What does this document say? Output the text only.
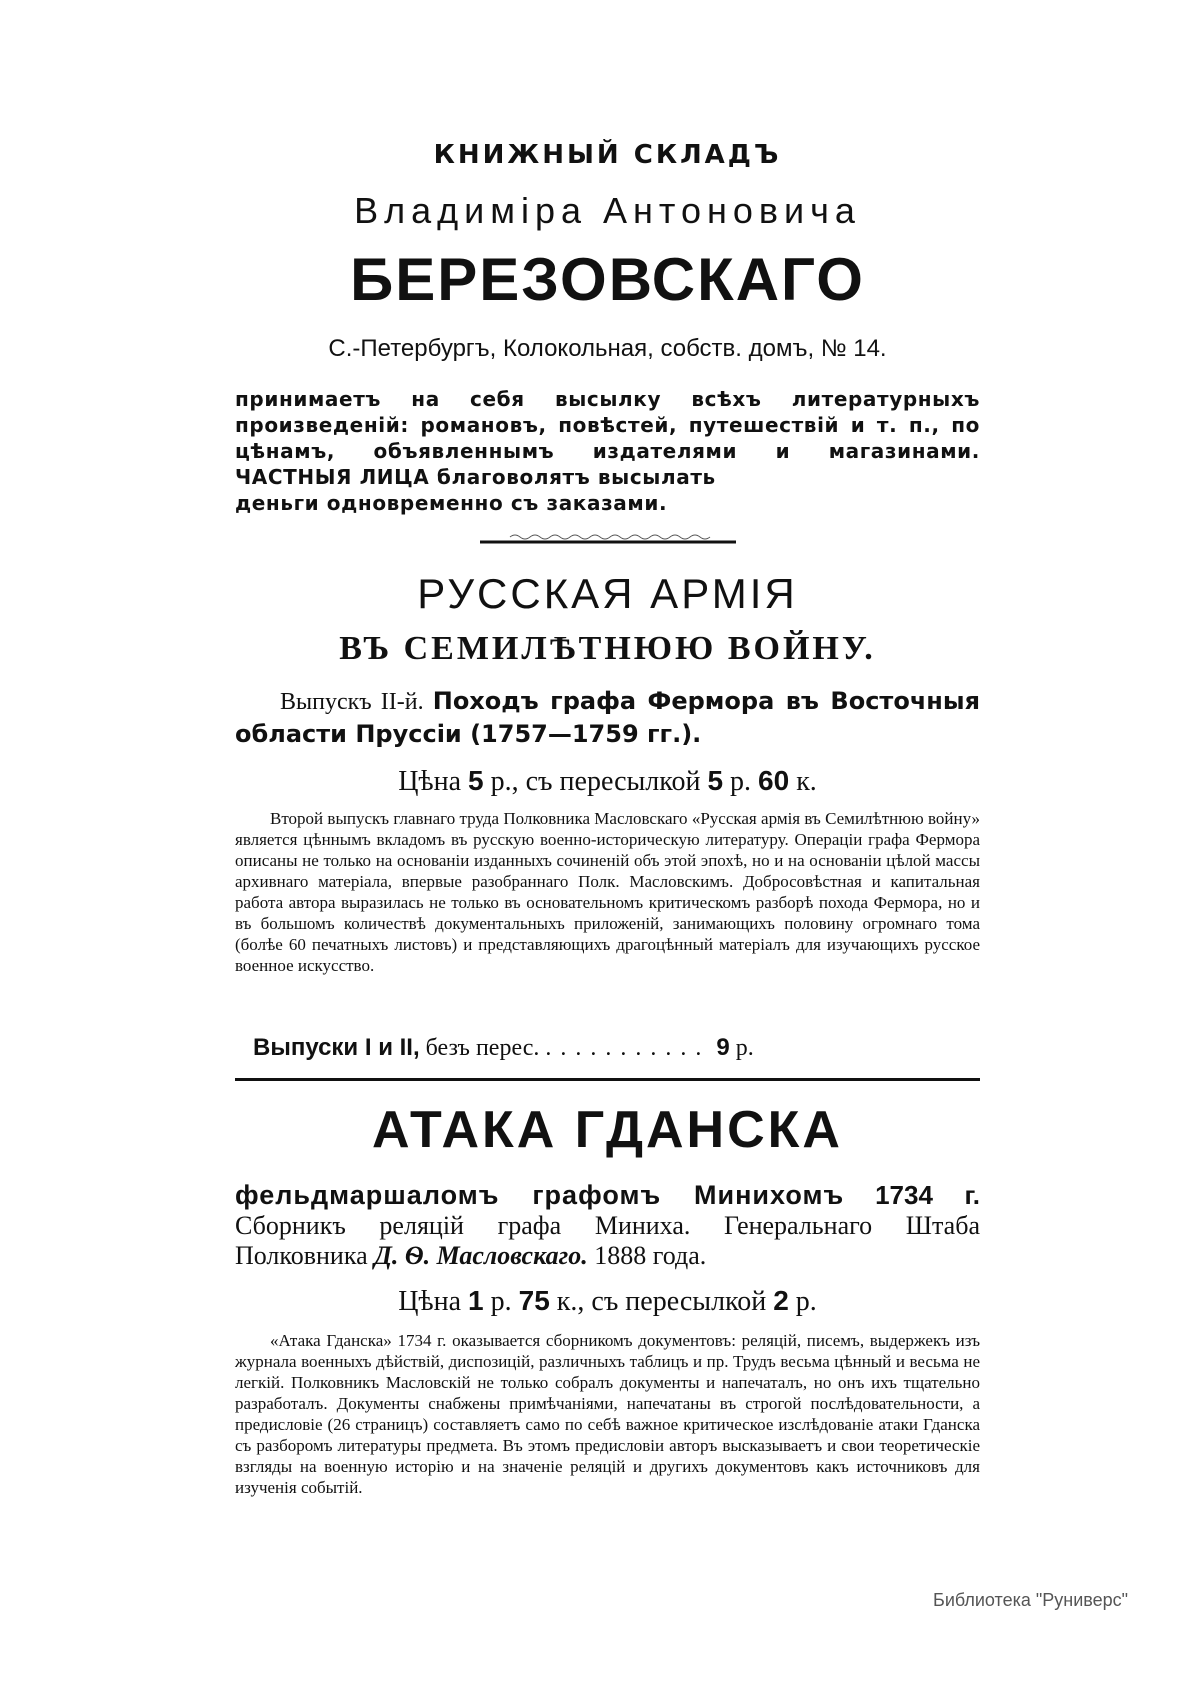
КНИЖНЫЙ СКЛАДЪ
Владиміра Антоновича
БЕРЕЗОВСКАГО
С.-Петербургъ, Колокольная, собств. домъ, № 14.
принимаетъ на себя высылку всѣхъ литературныхъ произведеній: романовъ, повѣстей, путешествій и т. п., по цѣнамъ, объявленнымъ издателями и магазинами. ЧАСТНЫЯ ЛИЦА благоволятъ высылать
деньги одновременно съ заказами.
РУССКАЯ АРМІЯ
ВЪ СЕМИЛѢТНЮЮ ВОЙНУ.
Выпускъ II-й. Походъ графа Фермора въ Восточныя области Пруссіи (1757—1759 гг.).
Цѣна 5 р., съ пересылкой 5 р. 60 к.
Второй выпускъ главнаго труда Полковника Масловскаго «Русская армія въ Семилѣтнюю войну» является цѣннымъ вкладомъ въ русскую военно-историческую литературу. Операціи графа Фермора описаны не только на основаніи изданныхъ сочиненій объ этой эпохѣ, но и на основаніи цѣлой массы архивнаго матеріала, впервые разобраннаго Полк. Масловскимъ. Добросовѣстная и капитальная работа автора выразилась не только въ основательномъ критическомъ разборѣ похода Фермора, но и въ большомъ количествѣ документальныхъ приложеній, занимающихъ половину огромнаго тома (болѣе 60 печатныхъ листовъ) и представляющихъ драгоцѣнный матеріалъ для изучающихъ русское военное искусство.
Выпуски I и II, безъ перес. ........... 9 р.
АТАКА ГДАНСКА
фельдмаршаломъ графомъ Минихомъ 1734 г. Сборникъ реляцій графа Миниха. Генеральнаго Штаба Полковника Д. Ѳ. Масловскаго. 1888 года.
Цѣна 1 р. 75 к., съ пересылкой 2 р.
«Атака Гданска» 1734 г. оказывается сборникомъ документовъ: реляцій, писемъ, выдержекъ изъ журнала военныхъ дѣйствій, диспозицій, различныхъ таблицъ и пр. Трудъ весьма цѣнный и весьма не легкій. Полковникъ Масловскій не только собралъ документы и напечаталъ, но онъ ихъ тщательно разработалъ. Документы снабжены примѣчаніями, напечатаны въ строгой послѣдовательности, а предисловіе (26 страницъ) составляетъ само по себѣ важное критическое изслѣдованіе атаки Гданска съ разборомъ литературы предмета. Въ этомъ предисловіи авторъ высказываетъ и свои теоретическіе взгляды на военную исторію и на значеніе реляцій и другихъ документовъ какъ источниковъ для изученія событій.
Библиотека "Руниверс"
